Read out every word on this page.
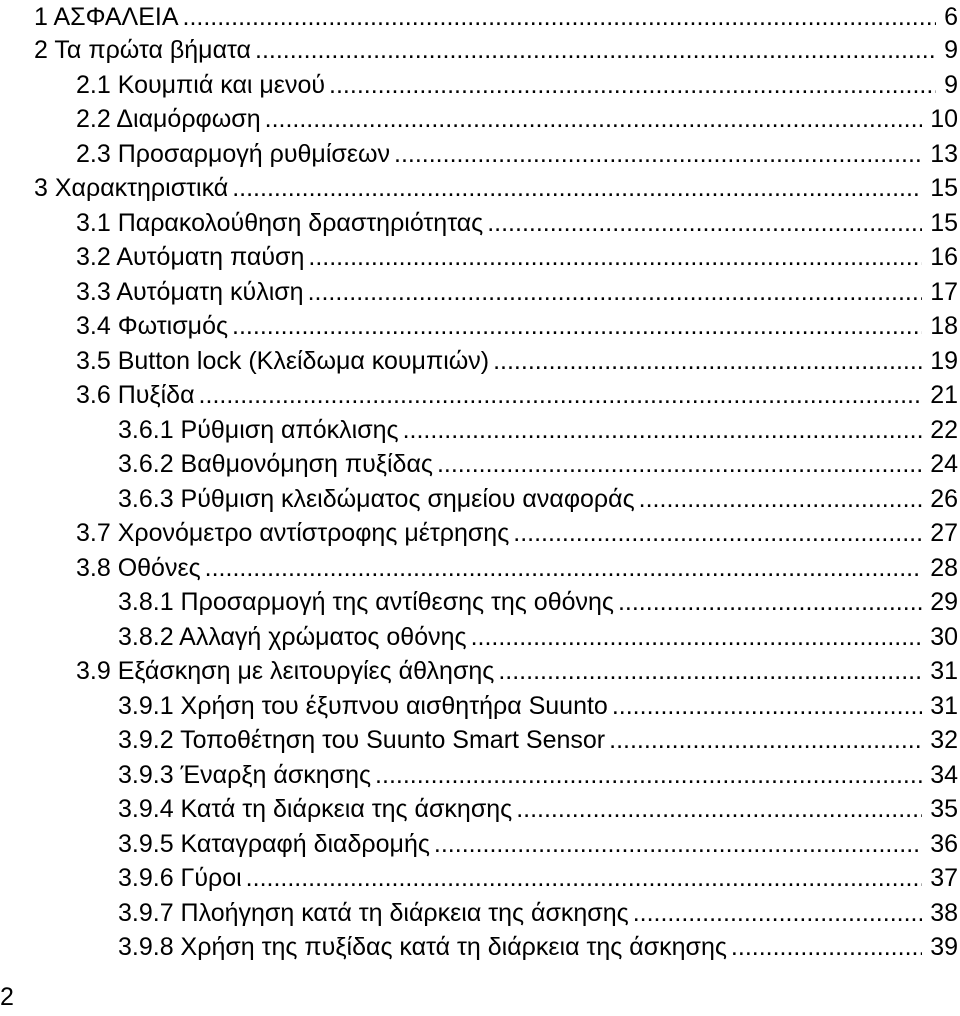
1 ΑΣΦΑΛΕΙΑ .....	6
2 Τα πρώτα βήματα .....	9
2.1 Κουμπιά και μενού .....	9
2.2 Διαμόρφωση .....	10
2.3 Προσαρμογή ρυθμίσεων .....	13
3 Χαρακτηριστικά .....	15
3.1 Παρακολούθηση δραστηριότητας .....	15
3.2 Αυτόματη παύση .....	16
3.3 Αυτόματη κύλιση .....	17
3.4 Φωτισμός .....	18
3.5 Button lock (Κλείδωμα κουμπιών) .....	19
3.6 Πυξίδα .....	21
3.6.1 Ρύθμιση απόκλισης .....	22
3.6.2 Βαθμονόμηση πυξίδας .....	24
3.6.3 Ρύθμιση κλειδώματος σημείου αναφοράς .....	26
3.7 Χρονόμετρο αντίστροφης μέτρησης .....	27
3.8 Οθόνες .....	28
3.8.1 Προσαρμογή της αντίθεσης της οθόνης .....	29
3.8.2 Αλλαγή χρώματος οθόνης .....	30
3.9 Εξάσκηση με λειτουργίες άθλησης .....	31
3.9.1 Χρήση του έξυπνου αισθητήρα Suunto .....	31
3.9.2 Τοποθέτηση του Suunto Smart Sensor .....	32
3.9.3 Έναρξη άσκησης .....	34
3.9.4 Κατά τη διάρκεια της άσκησης .....	35
3.9.5 Καταγραφή διαδρομής .....	36
3.9.6 Γύροι .....	37
3.9.7 Πλοήγηση κατά τη διάρκεια της άσκησης .....	38
3.9.8 Χρήση της πυξίδας κατά τη διάρκεια της άσκησης .....	39
2
